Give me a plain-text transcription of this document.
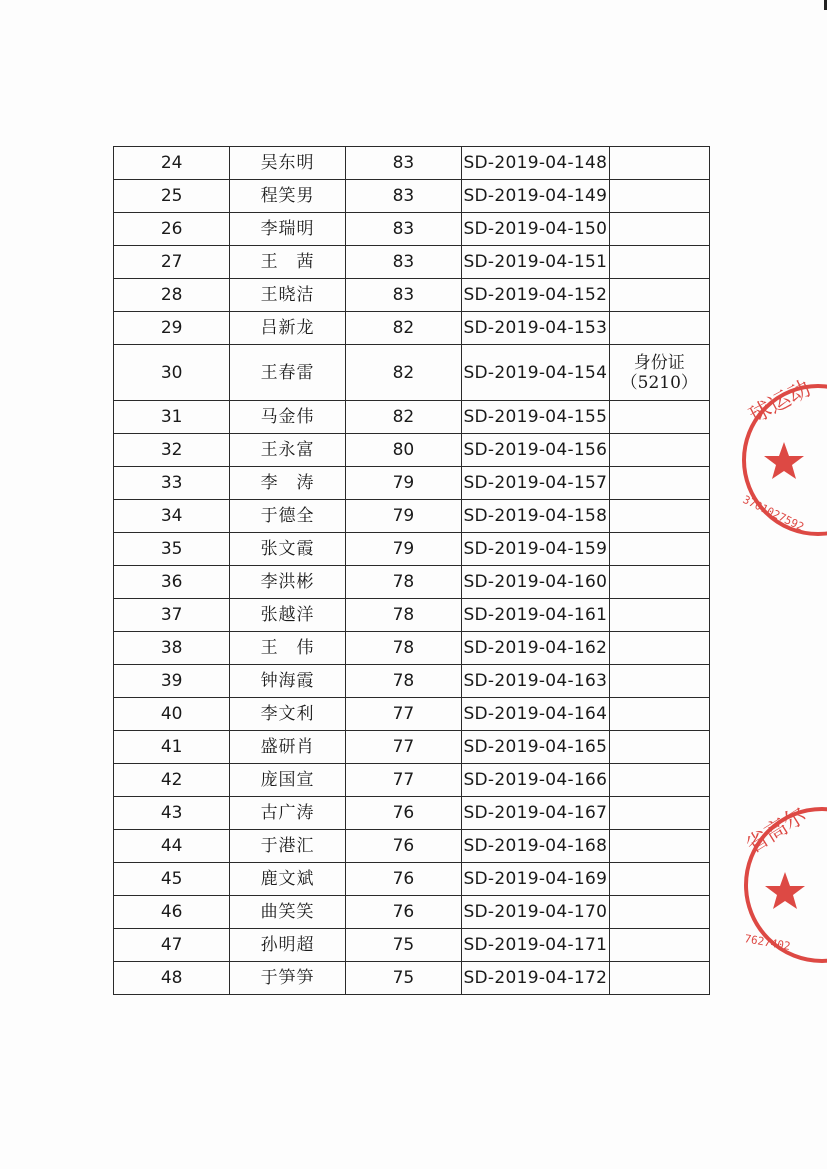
24	吴东明	83	SD-2019-04-148	
25	程笑男	83	SD-2019-04-149	
26	李瑞明	83	SD-2019-04-150	
27	王　茜	83	SD-2019-04-151	
28	王晓洁	83	SD-2019-04-152	
29	吕新龙	82	SD-2019-04-153	
30	王春雷	82	SD-2019-04-154	身份证
（5210）

31	马金伟	82	SD-2019-04-155	
32	王永富	80	SD-2019-04-156	
33	李　涛	79	SD-2019-04-157	
34	于德全	79	SD-2019-04-158	
35	张文霞	79	SD-2019-04-159	
36	李洪彬	78	SD-2019-04-160	
37	张越洋	78	SD-2019-04-161	
38	王　伟	78	SD-2019-04-162	
39	钟海霞	78	SD-2019-04-163	
40	李文利	77	SD-2019-04-164	
41	盛研肖	77	SD-2019-04-165	
42	庞国宣	77	SD-2019-04-166	
43	古广涛	76	SD-2019-04-167	
44	于港汇	76	SD-2019-04-168	
45	鹿文斌	76	SD-2019-04-169	
46	曲笑笑	76	SD-2019-04-170	
47	孙明超	75	SD-2019-04-171	
48	于笋笋	75	SD-2019-04-172	
球运动
3701027592
省高尔
7627402
